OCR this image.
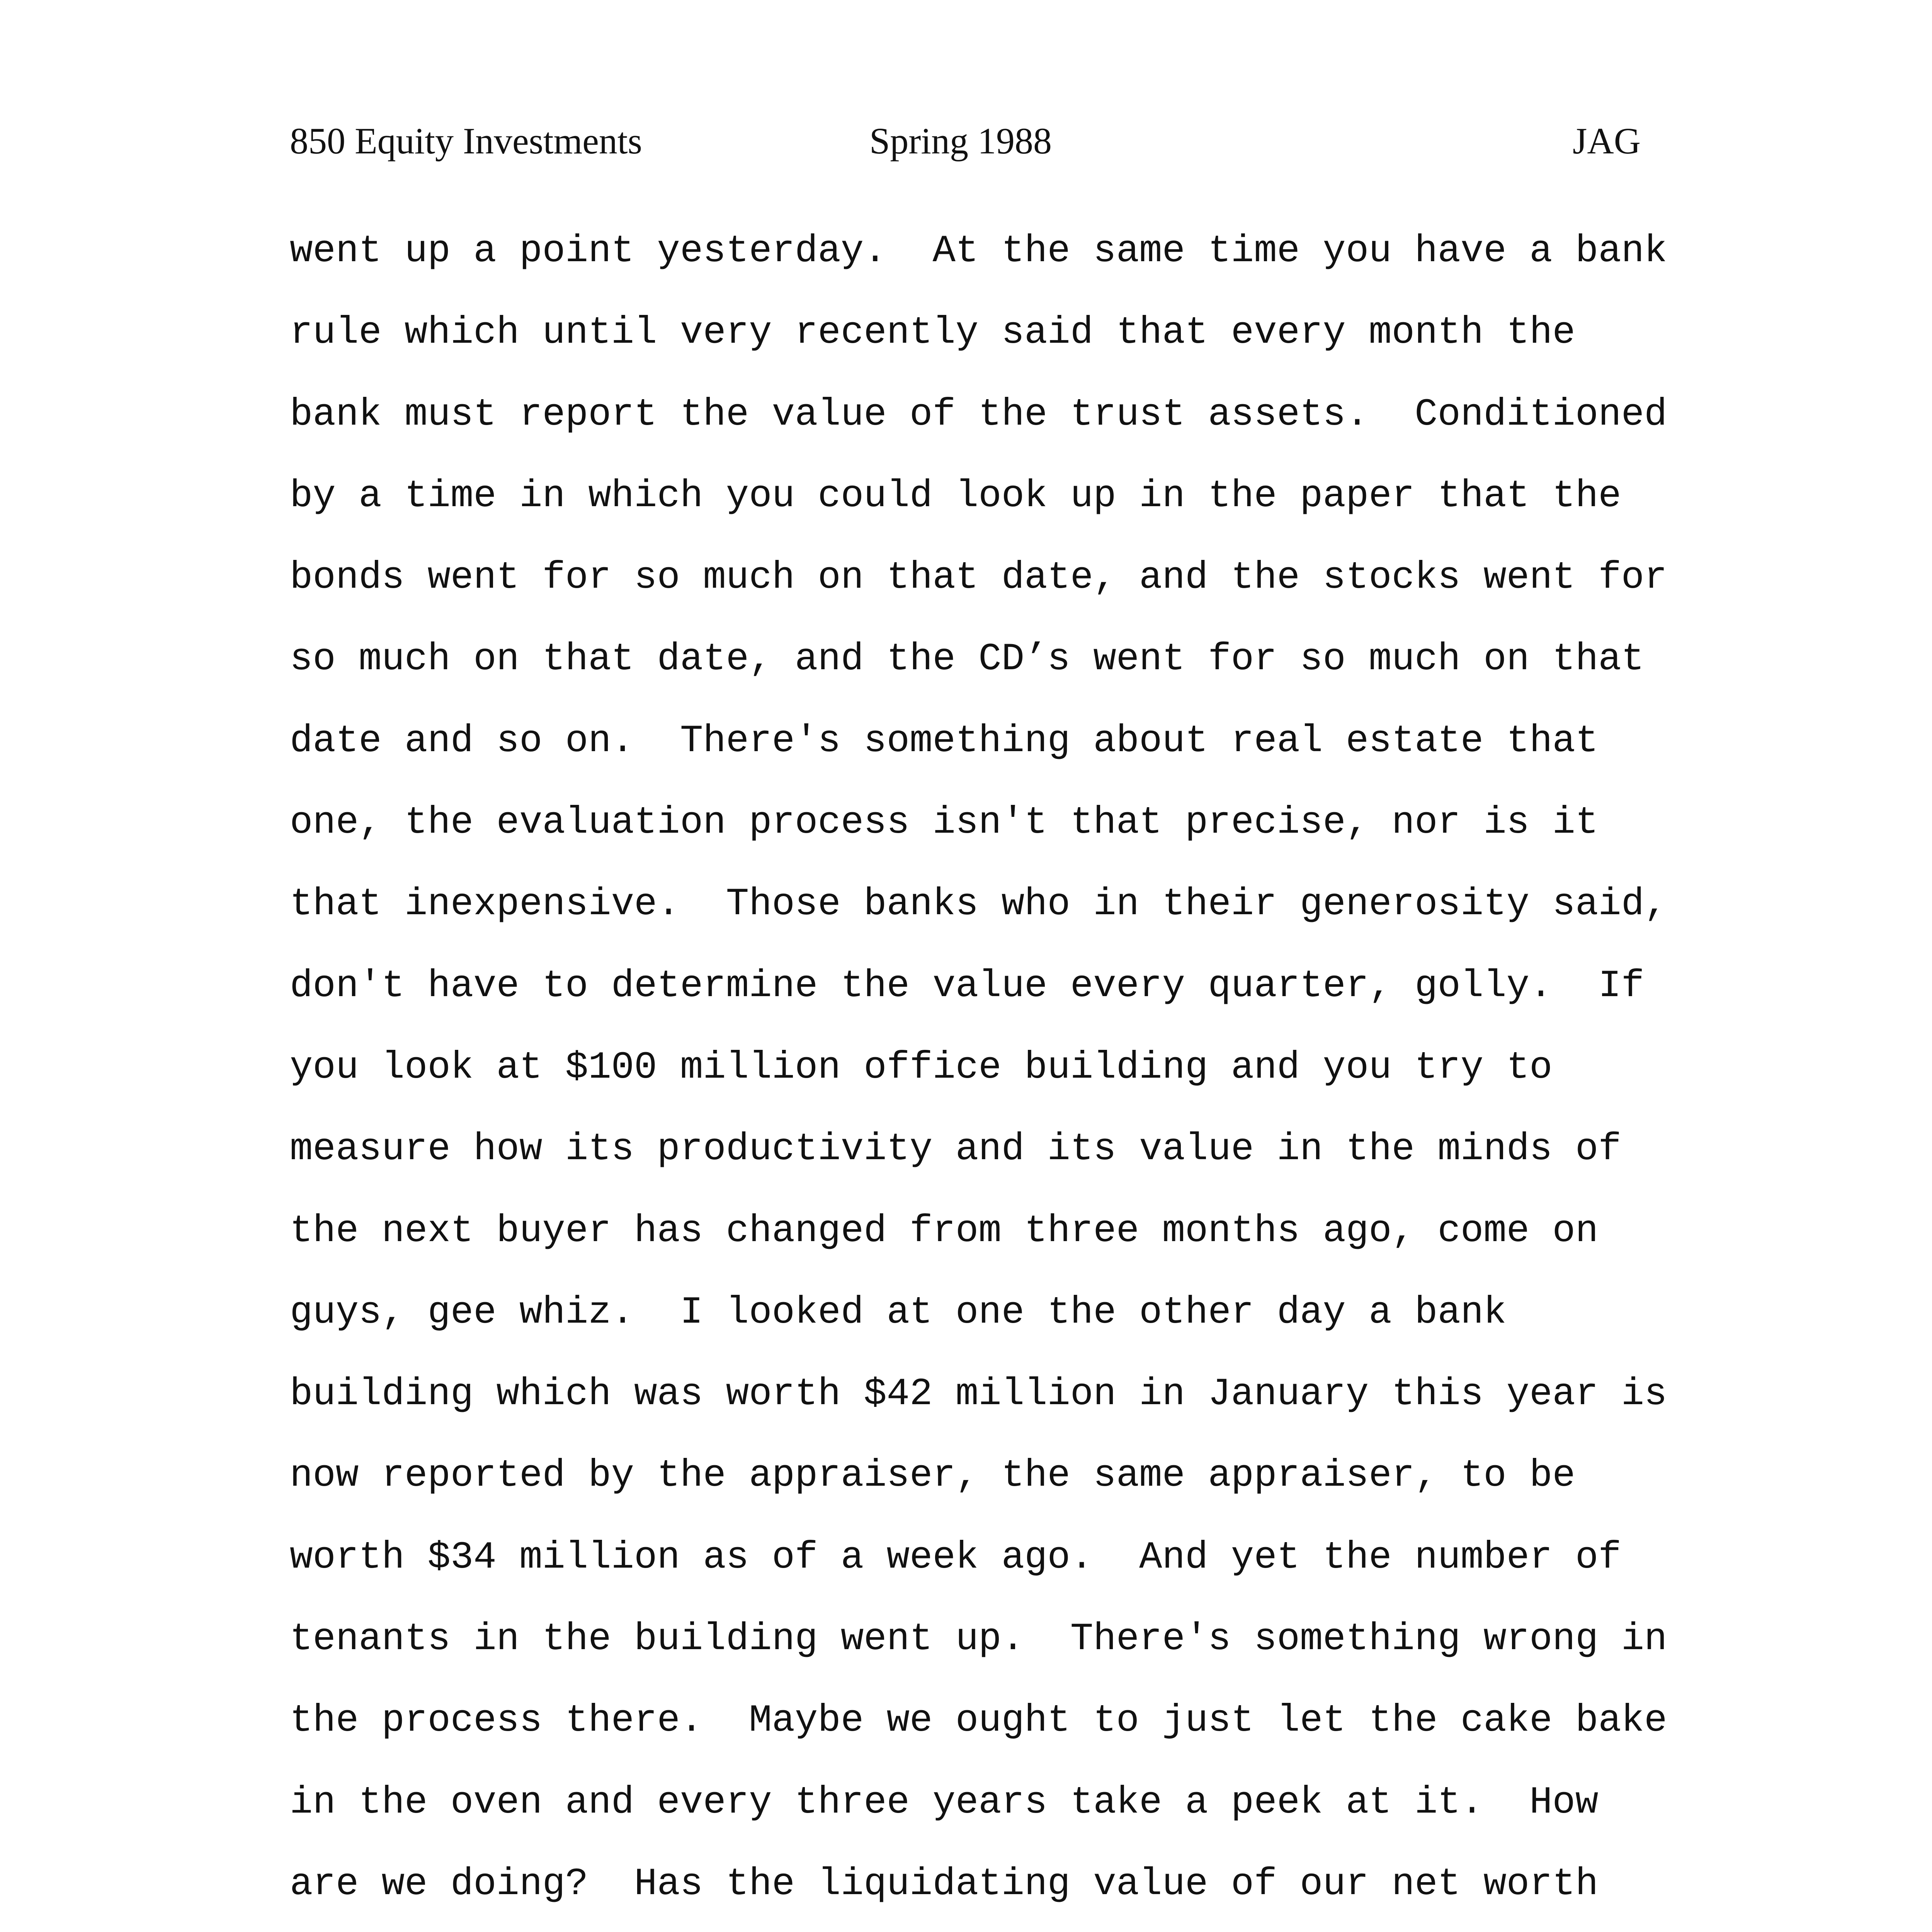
850 Equity Investments	Spring 1988	JAG
went up a point yesterday.  At the same time you have a bank
rule which until very recently said that every month the
bank must report the value of the trust assets.  Conditioned
by a time in which you could look up in the paper that the
bonds went for so much on that date, and the stocks went for
so much on that date, and the CD’s went for so much on that
date and so on.  There's something about real estate that
one, the evaluation process isn't that precise, nor is it
that inexpensive.  Those banks who in their generosity said,
don't have to determine the value every quarter, golly.  If
you look at $100 million office building and you try to
measure how its productivity and its value in the minds of
the next buyer has changed from three months ago, come on
guys, gee whiz.  I looked at one the other day a bank
building which was worth $42 million in January this year is
now reported by the appraiser, the same appraiser, to be
worth $34 million as of a week ago.  And yet the number of
tenants in the building went up.  There's something wrong in
the process there.  Maybe we ought to just let the cake bake
in the oven and every three years take a peek at it.  How
are we doing?  Has the liquidating value of our net worth
